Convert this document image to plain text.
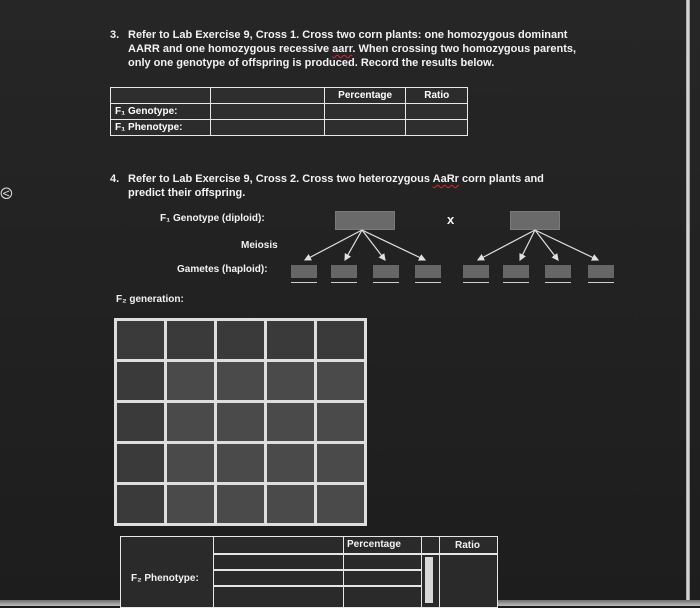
⧀
3. Refer to Lab Exercise 9, Cross 1. Cross two corn plants: one homozygous dominant
AARR and one homozygous recessive aarr. When crossing two homozygous parents,
only one genotype of offspring is produced. Record the results below.
		Percentage	Ratio
F₁ Genotype:			
F₁ Phenotype:			
4. Refer to Lab Exercise 9, Cross 2. Cross two heterozygous AaRr corn plants and
predict their offspring.
F₁ Genotype (diploid):	x
Meiosis
Gametes (haploid):
F₂ generation:
Percentage	Ratio
F₂ Phenotype:
